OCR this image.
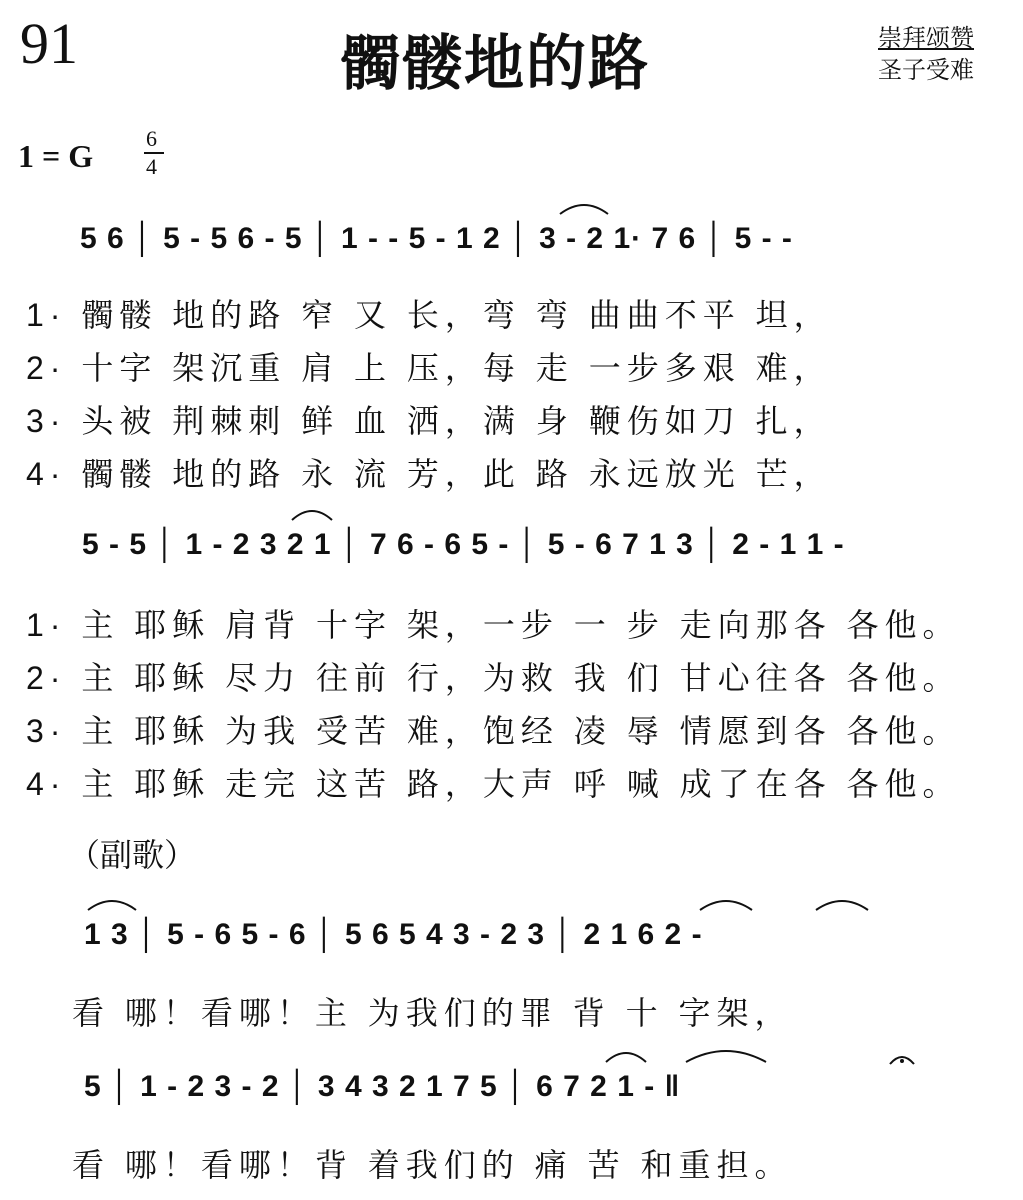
91	髑髅地的路	崇拜颂赞
圣子受难
1 = G 6
4
5 6 │ 5 - 5 6 - 5 │ 1 - - 5 - 1 2 │ 3 - 2 1· 7 6 │ 5 - -
1· 髑髅 地的路 窄 又 长，弯 弯 曲曲不平 坦，
2· 十字 架沉重 肩 上 压，每 走 一步多艰 难，
3· 头被 荆棘刺 鲜 血 洒，满 身 鞭伤如刀 扎，
4· 髑髅 地的路 永 流 芳，此 路 永远放光 芒，
5 - 5 │ 1 - 2 3 2 1 │ 7 6 - 6 5 - │ 5 - 6 7 1 3 │ 2 - 1 1 -
1· 主 耶稣 肩背 十字 架，一步 一 步 走向那各 各他。
2· 主 耶稣 尽力 往前 行，为救 我 们 甘心往各 各他。
3· 主 耶稣 为我 受苦 难，饱经 凌 辱 情愿到各 各他。
4· 主 耶稣 走完 这苦 路，大声 呼 喊 成了在各 各他。
（副歌）
1 3 │ 5 - 6 5 - 6 │ 5 6 5 4 3 - 2 3 │ 2 1 6 2 -
看 哪！看哪！主 为我们的罪 背 十 字架，
5 │ 1 - 2 3 - 2 │ 3 4 3 2 1 7 5 │ 6 7 2 1 - ‖
看 哪！看哪！背 着我们的 痛 苦 和重担。
